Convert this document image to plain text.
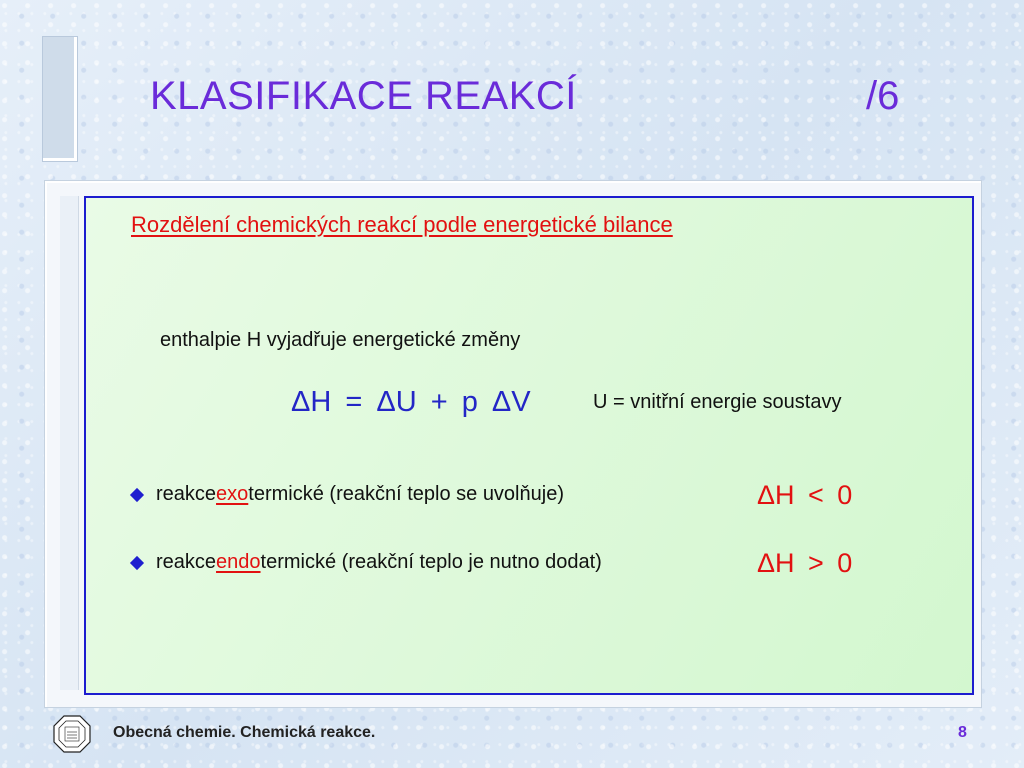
KLASIFIKACE REAKCÍ	/6
Rozdělení chemických reakcí podle energetické bilance
enthalpie H vyjadřuje energetické změny
ΔH = ΔU + p ΔV	U = vnitřní energie soustavy
reakce exo termické (reakční teplo se uvolňuje)	ΔH < 0
reakce endo termické (reakční teplo je nutno dodat)	ΔH > 0
Obecná chemie. Chemická reakce.	8
